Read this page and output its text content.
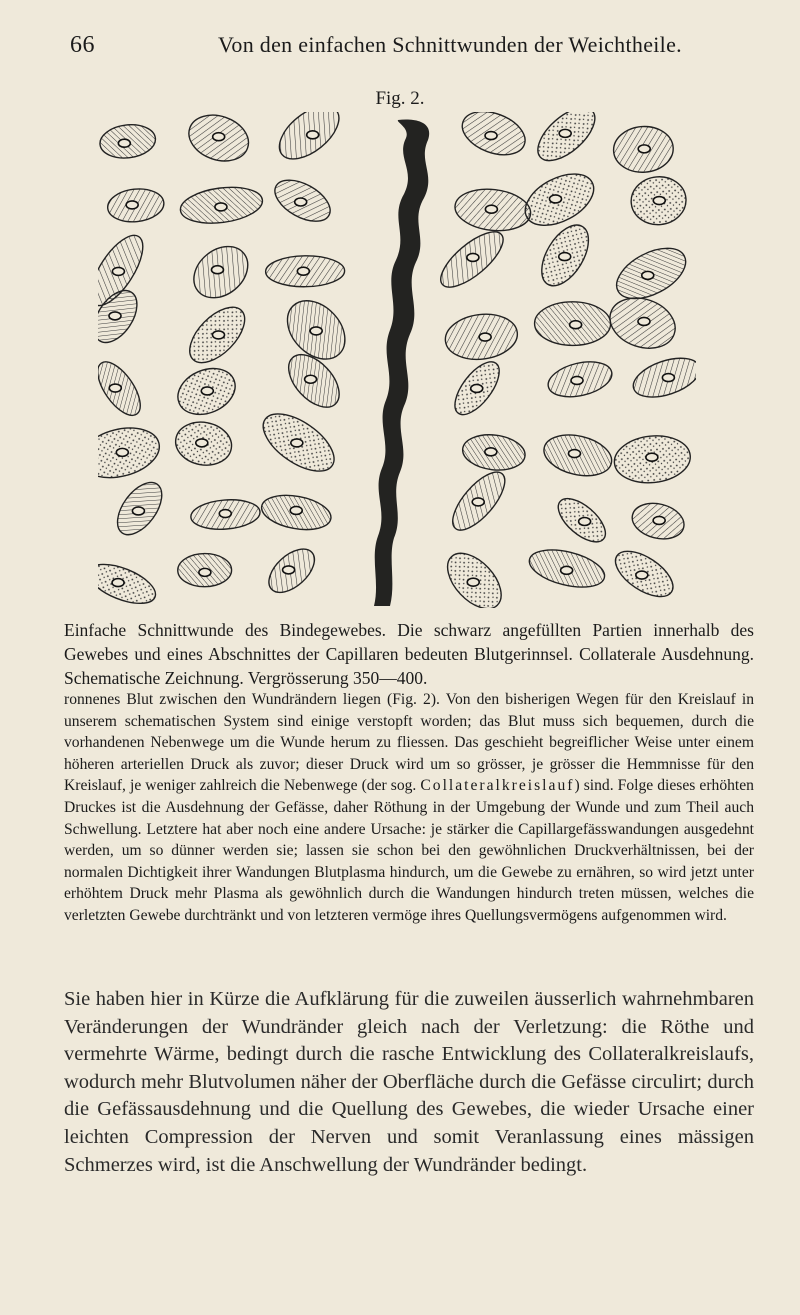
66	Von den einfachen Schnittwunden der Weichtheile.
Fig. 2.

Einfache Schnittwunde des Bindegewebes. Die schwarz angefüllten Partien innerhalb des Gewebes und eines Abschnittes der Capillaren bedeuten Blutgerinnsel. Collaterale Ausdehnung. Schematische Zeichnung. Vergrösserung 350—400.

ronnenes Blut zwischen den Wundrändern liegen (Fig. 2). Von den bisherigen Wegen für den Kreislauf in unserem schematischen System sind einige verstopft worden; das Blut muss sich bequemen, durch die vorhandenen Nebenwege um die Wunde herum zu fliessen. Das geschieht begreiflicher Weise unter einem höheren arteriellen Druck als zuvor; dieser Druck wird um so grösser, je grösser die Hemmnisse für den Kreislauf, je weniger zahlreich die Nebenwege (der sog. Collateralkreislauf) sind. Folge dieses erhöhten Druckes ist die Ausdehnung der Gefässe, daher Röthung in der Umgebung der Wunde und zum Theil auch Schwellung. Letztere hat aber noch eine andere Ursache: je stärker die Capillargefässwandungen ausgedehnt werden, um so dünner werden sie; lassen sie schon bei den gewöhnlichen Druckverhältnissen, bei der normalen Dichtigkeit ihrer Wandungen Blutplasma hindurch, um die Gewebe zu ernähren, so wird jetzt unter erhöhtem Druck mehr Plasma als gewöhnlich durch die Wandungen hindurch treten müssen, welches die verletzten Gewebe durchtränkt und von letzteren vermöge ihres Quellungsvermögens aufgenommen wird.

Sie haben hier in Kürze die Aufklärung für die zuweilen äusserlich wahrnehmbaren Veränderungen der Wundränder gleich nach der Verletzung: die Röthe und vermehrte Wärme, bedingt durch die rasche Entwicklung des Collateralkreislaufs, wodurch mehr Blutvolumen näher der Oberfläche durch die Gefässe circulirt; durch die Gefässausdehnung und die Quellung des Gewebes, die wieder Ursache einer leichten Compression der Nerven und somit Veranlassung eines mässigen Schmerzes wird, ist die Anschwellung der Wundränder bedingt.
